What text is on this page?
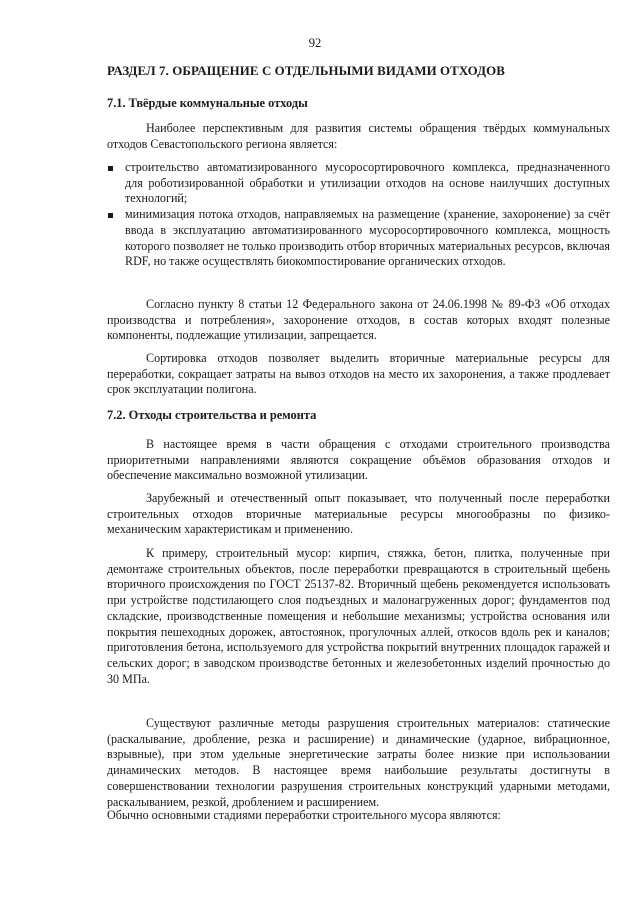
92
РАЗДЕЛ 7. ОБРАЩЕНИЕ С ОТДЕЛЬНЫМИ ВИДАМИ ОТХОДОВ
7.1. Твёрдые коммунальные отходы
Наиболее перспективным для развития системы обращения твёрдых коммунальных отходов Севастопольского региона является:
строительство автоматизированного мусоросортировочного комплекса, предназначенного для роботизированной обработки и утилизации отходов на основе наилучших доступных технологий;
минимизация потока отходов, направляемых на размещение (хранение, захоронение) за счёт ввода в эксплуатацию автоматизированного мусоросортировочного комплекса, мощность которого позволяет не только производить отбор вторичных материальных ресурсов, включая RDF, но также осуществлять биокомпостирование органических отходов.
Согласно пункту 8 статьи 12 Федерального закона от 24.06.1998 № 89-ФЗ «Об отходах производства и потребления», захоронение отходов, в состав которых входят полезные компоненты, подлежащие утилизации, запрещается.
Сортировка отходов позволяет выделить вторичные материальные ресурсы для переработки, сокращает затраты на вывоз отходов на место их захоронения, а также продлевает срок эксплуатации полигона.
7.2. Отходы строительства и ремонта
В настоящее время в части обращения с отходами строительного производства приоритетными направлениями являются сокращение объёмов образования отходов и обеспечение максимально возможной утилизации.
Зарубежный и отечественный опыт показывает, что полученный после переработки строительных отходов вторичные материальные ресурсы многообразны по физико-механическим характеристикам и применению.
К примеру, строительный мусор: кирпич, стяжка, бетон, плитка, полученные при демонтаже строительных объектов, после переработки превращаются в строительный щебень вторичного происхождения по ГОСТ 25137-82. Вторичный щебень рекомендуется использовать при устройстве подстилающего слоя подъездных и малонагруженных дорог; фундаментов под складские, производственные помещения и небольшие механизмы; устройства основания или покрытия пешеходных дорожек, автостоянок, прогулочных аллей, откосов вдоль рек и каналов; приготовления бетона, используемого для устройства покрытий внутренних площадок гаражей и сельских дорог; в заводском производстве бетонных и железобетонных изделий прочностью до 30 МПа.
Существуют различные методы разрушения строительных материалов: статические (раскалывание, дробление, резка и расширение) и динамические (ударное, вибрационное, взрывные), при этом удельные энергетические затраты более низкие при использовании динамических методов. В настоящее время наибольшие результаты достигнуты в совершенствовании технологии разрушения строительных конструкций ударными методами, раскалыванием, резкой, дроблением и расширением.
Обычно основными стадиями переработки строительного мусора являются:
